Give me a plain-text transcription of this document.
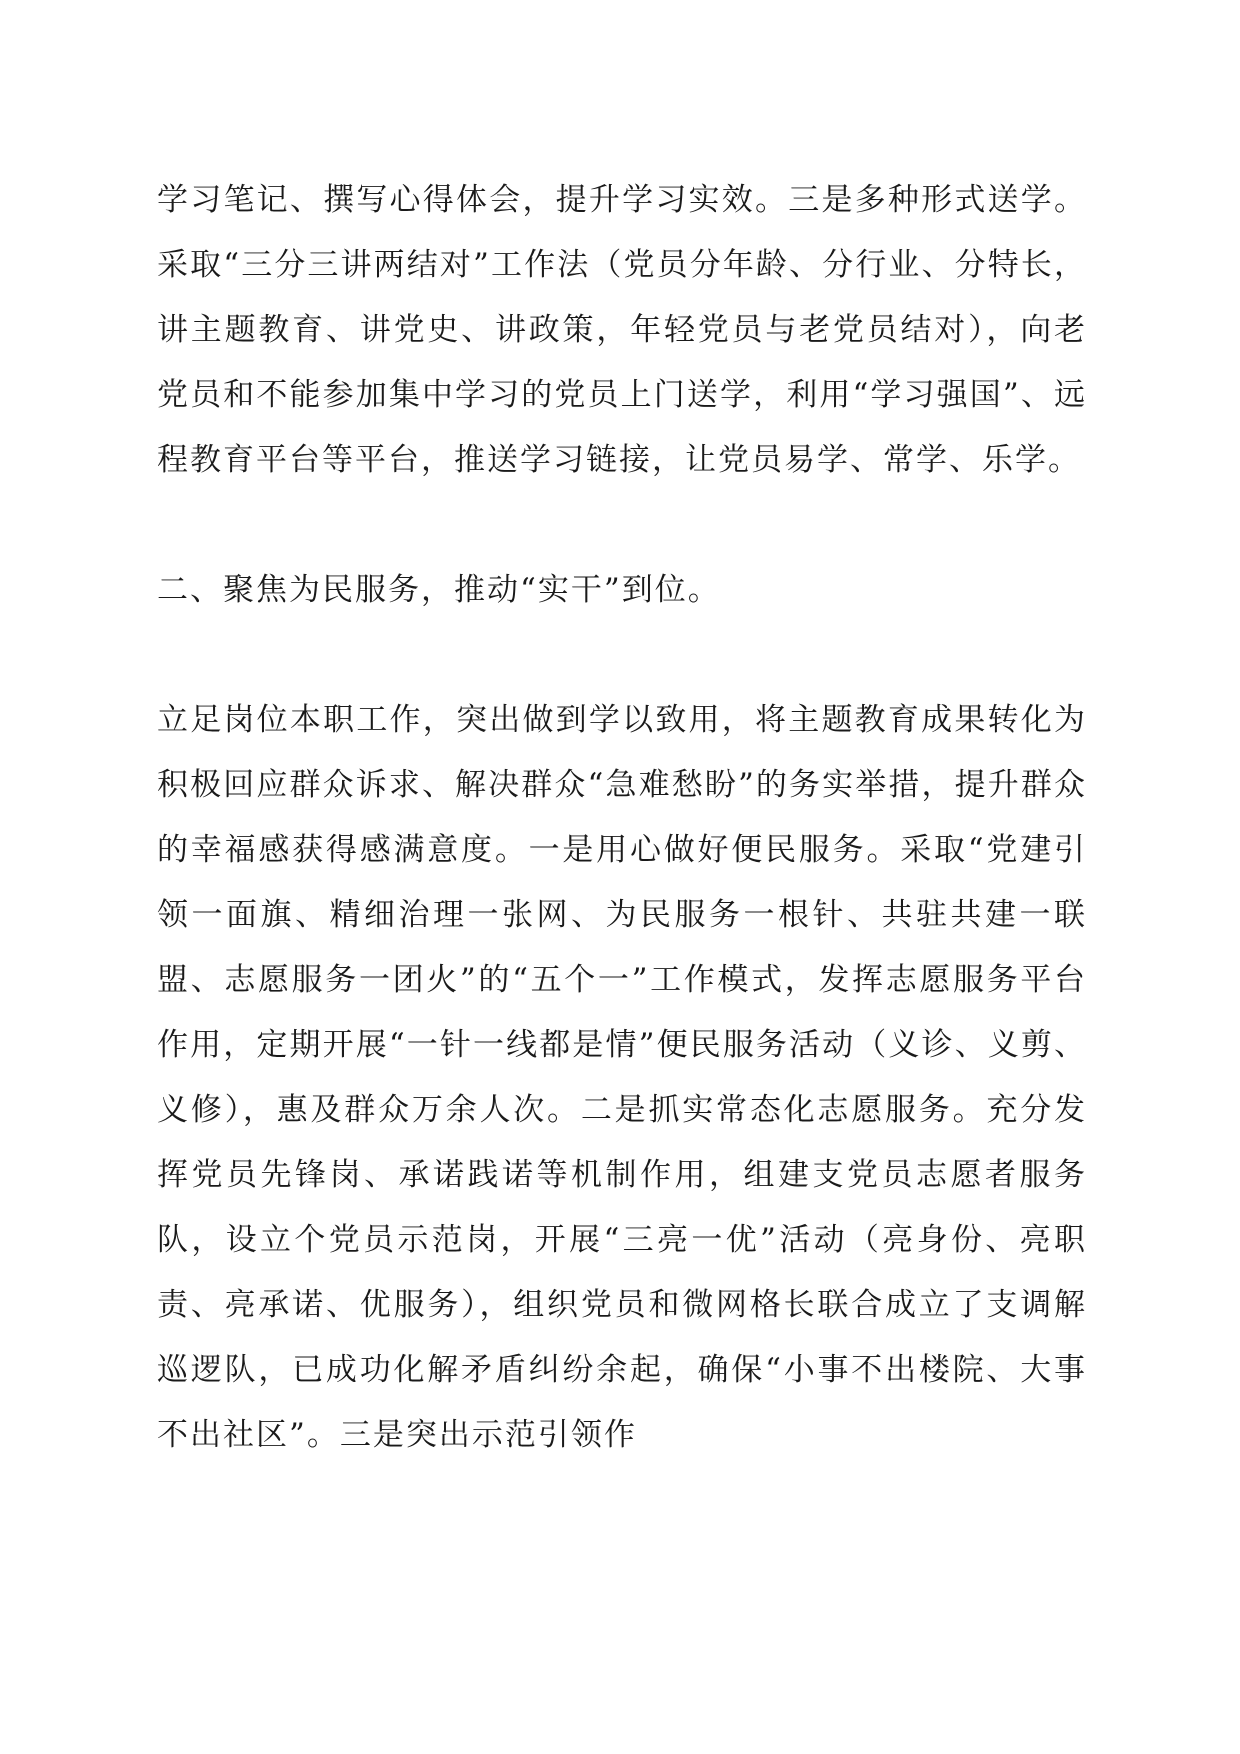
学习笔记、撰写心得体会，提升学习实效。三是多种形式送学。采取“三分三讲两结对”工作法（党员分年龄、分行业、分特长，讲主题教育、讲党史、讲政策，年轻党员与老党员结对），向老党员和不能参加集中学习的党员上门送学，利用“学习强国”、远程教育平台等平台，推送学习链接，让党员易学、常学、乐学。

二、聚焦为民服务，推动“实干”到位。

立足岗位本职工作，突出做到学以致用，将主题教育成果转化为积极回应群众诉求、解决群众“急难愁盼”的务实举措，提升群众的幸福感获得感满意度。一是用心做好便民服务。采取“党建引领一面旗、精细治理一张网、为民服务一根针、共驻共建一联盟、志愿服务一团火”的“五个一”工作模式，发挥志愿服务平台作用，定期开展“一针一线都是情”便民服务活动（义诊、义剪、义修），惠及群众万余人次。二是抓实常态化志愿服务。充分发挥党员先锋岗、承诺践诺等机制作用，组建支党员志愿者服务队，设立个党员示范岗，开展“三亮一优”活动（亮身份、亮职责、亮承诺、优服务），组织党员和微网格长联合成立了支调解巡逻队，已成功化解矛盾纠纷余起，确保“小事不出楼院、大事不出社区”。三是突出示范引领作
